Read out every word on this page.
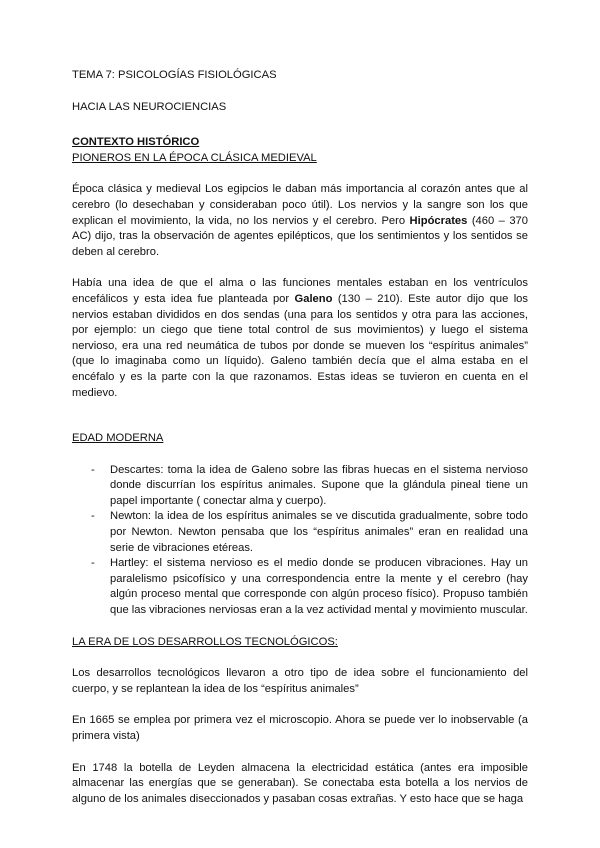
TEMA 7: PSICOLOGÍAS FISIOLÓGICAS
HACIA LAS NEUROCIENCIAS
CONTEXTO HISTÓRICO
PIONEROS EN LA ÉPOCA CLÁSICA MEDIEVAL

Época clásica y medieval Los egipcios le daban más importancia al corazón antes que al cerebro (lo desechaban y consideraban poco útil). Los nervios y la sangre son los que explican el movimiento, la vida, no los nervios y el cerebro. Pero Hipócrates (460 – 370 AC) dijo, tras la observación de agentes epilépticos, que los sentimientos y los sentidos se deben al cerebro.

Había una idea de que el alma o las funciones mentales estaban en los ventrículos encefálicos y esta idea fue planteada por Galeno (130 – 210). Este autor dijo que los nervios estaban divididos en dos sendas (una para los sentidos y otra para las acciones, por ejemplo: un ciego que tiene total control de sus movimientos) y luego el sistema nervioso, era una red neumática de tubos por donde se mueven los “espíritus animales” (que lo imaginaba como un líquido). Galeno también decía que el alma estaba en el encéfalo y es la parte con la que razonamos. Estas ideas se tuvieron en cuenta en el medievo.

EDAD MODERNA
- Descartes: toma la idea de Galeno sobre las fibras huecas en el sistema nervioso donde discurrían los espíritus animales. Supone que la glándula pineal tiene un papel importante ( conectar alma y cuerpo).
- Newton: la idea de los espíritus animales se ve discutida gradualmente, sobre todo por Newton. Newton pensaba que los “espíritus animales” eran en realidad una serie de vibraciones etéreas.
- Hartley: el sistema nervioso es el medio donde se producen vibraciones. Hay un paralelismo psicofísico y una correspondencia entre la mente y el cerebro (hay algún proceso mental que corresponde con algún proceso físico). Propuso también que las vibraciones nerviosas eran a la vez actividad mental y movimiento muscular.
LA ERA DE LOS DESARROLLOS TECNOLÓGICOS:

Los desarrollos tecnológicos llevaron a otro tipo de idea sobre el funcionamiento del cuerpo, y se replantean la idea de los “espíritus animales”

En 1665 se emplea por primera vez el microscopio. Ahora se puede ver lo inobservable (a primera vista)

En 1748 la botella de Leyden almacena la electricidad estática (antes era imposible almacenar las energías que se generaban). Se conectaba esta botella a los nervios de alguno de los animales diseccionados y pasaban cosas extrañas. Y esto hace que se haga
